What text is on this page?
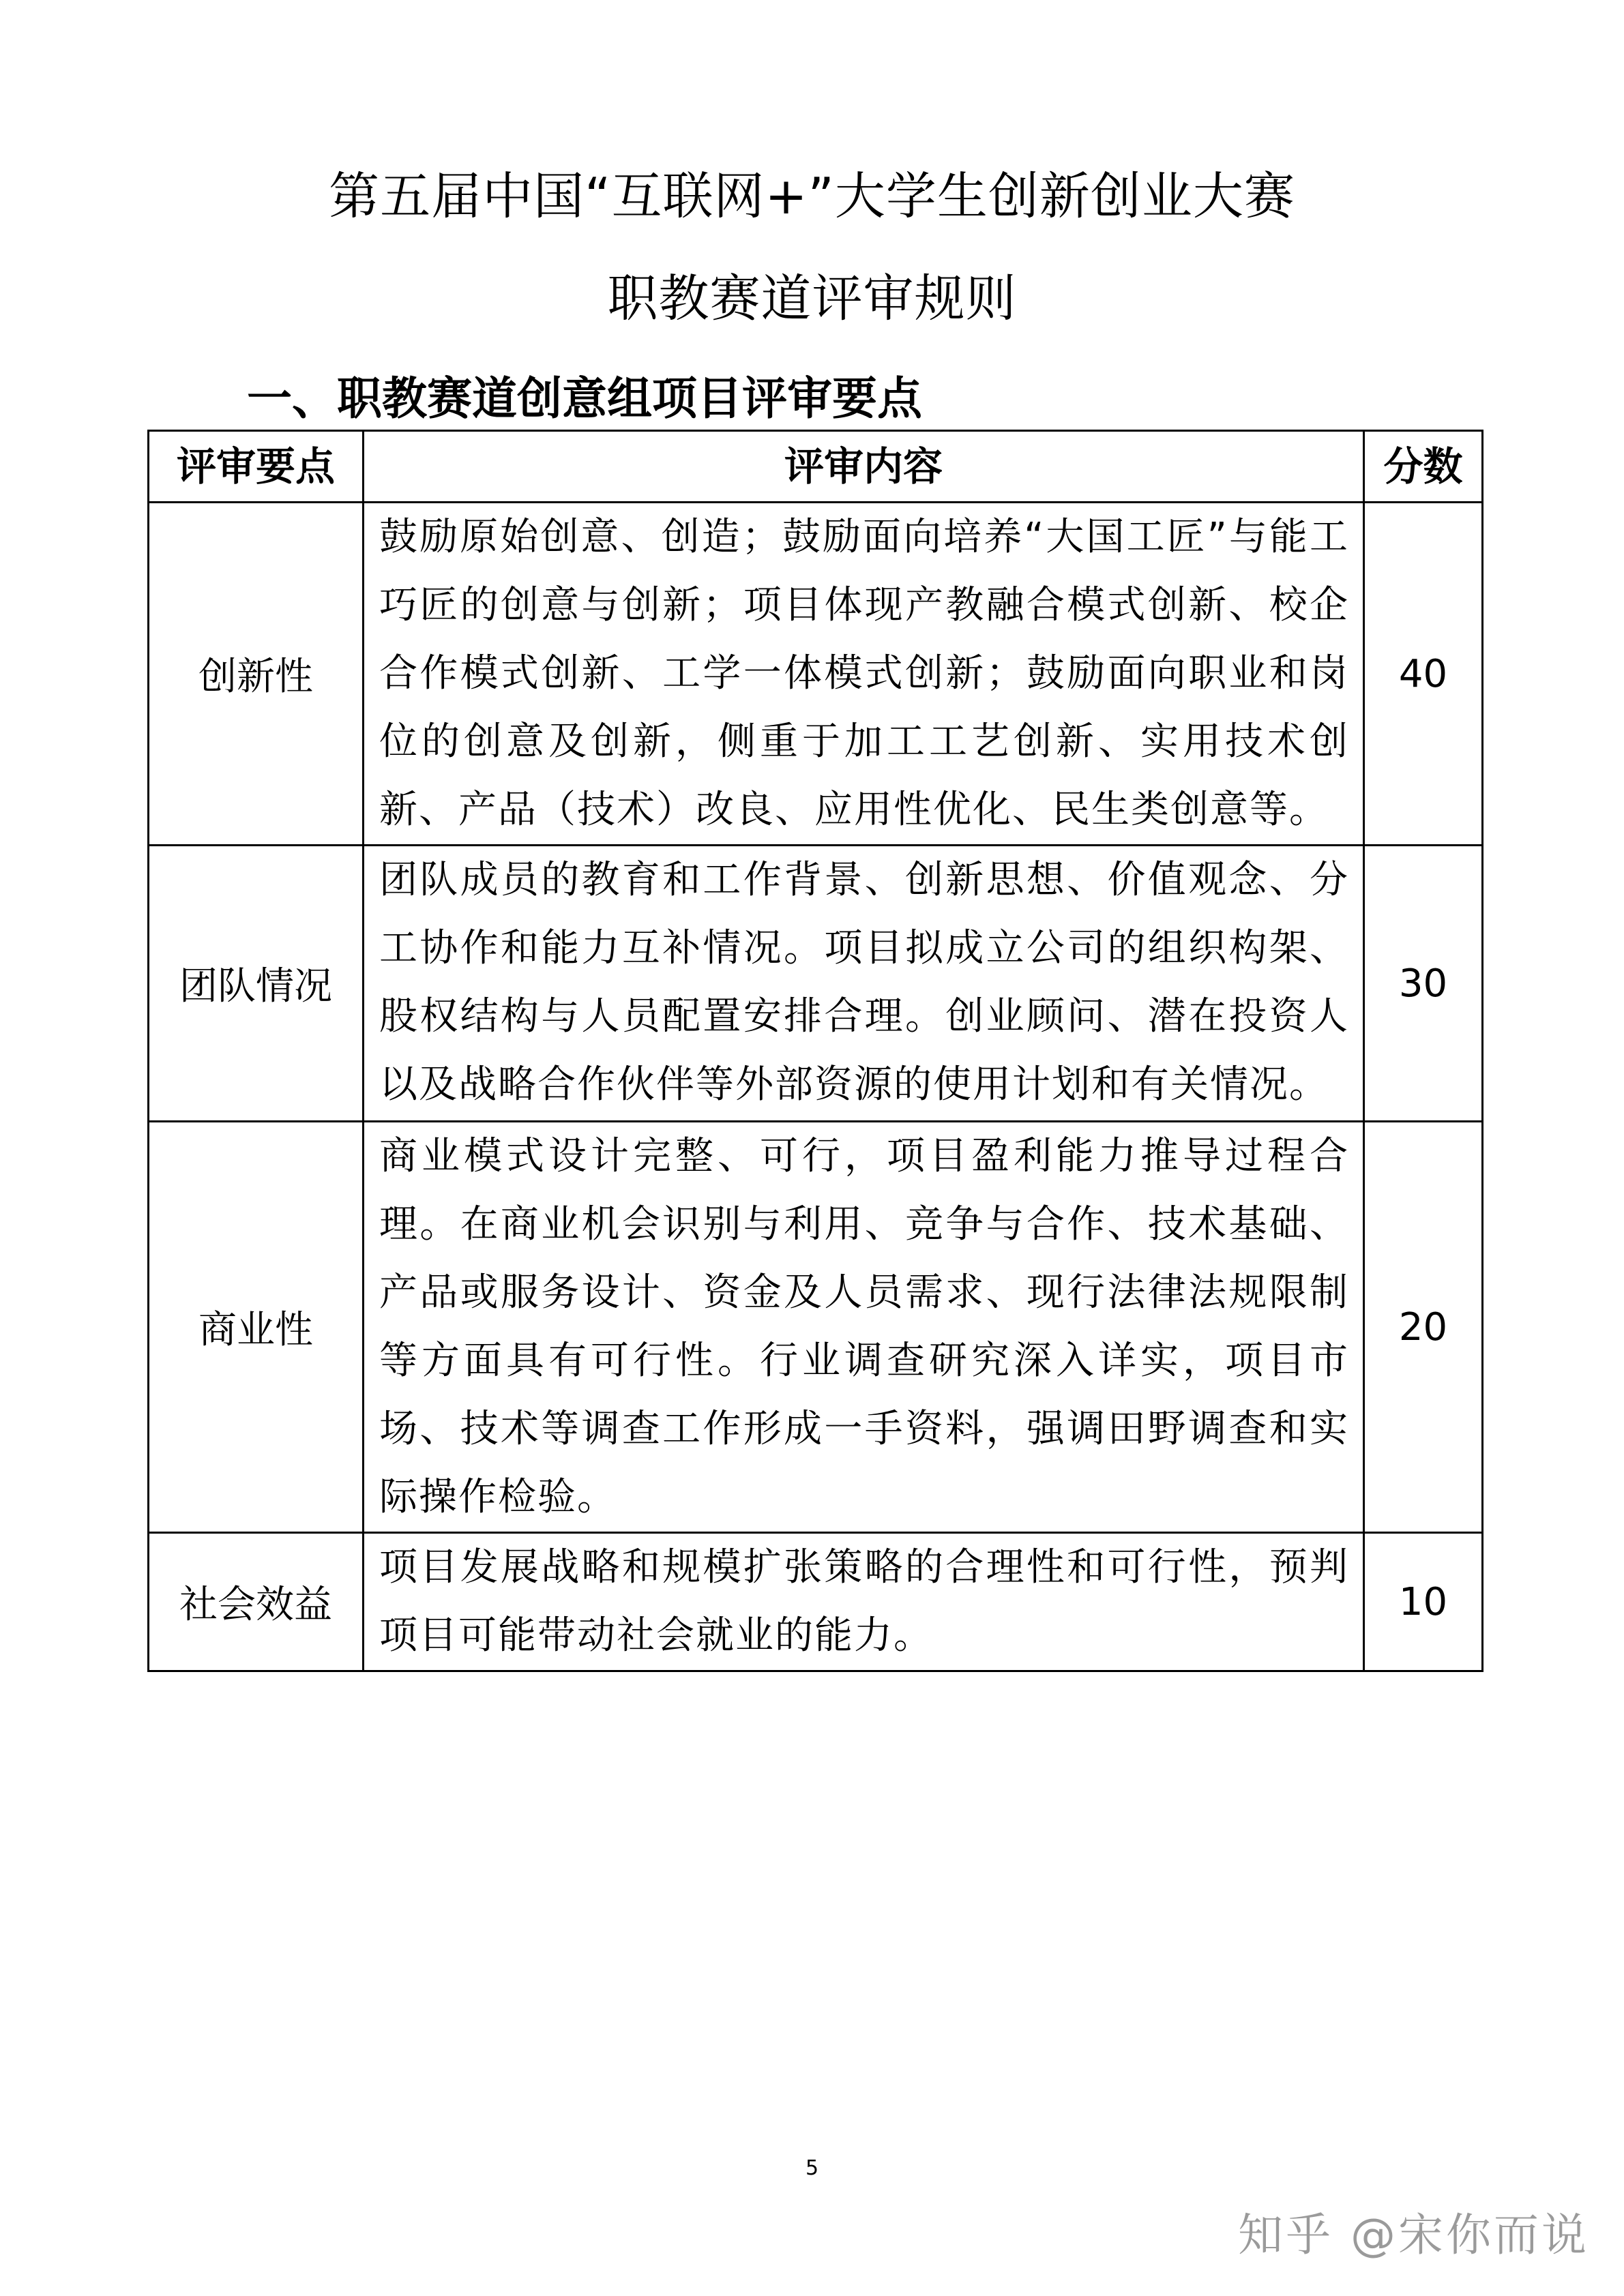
第五届中国“互联网+”大学生创新创业大赛
职教赛道评审规则
一、职教赛道创意组项目评审要点
评审要点	评审内容	分数
创新性	鼓励原始创意、创造；鼓励面向培养“大国工匠”与能工巧匠的创意与创新；项目体现产教融合模式创新、校企合作模式创新、工学一体模式创新；鼓励面向职业和岗位的创意及创新，侧重于加工工艺创新、实用技术创新、产品（技术）改良、应用性优化、民生类创意等。	40
团队情况	团队成员的教育和工作背景、创新思想、价值观念、分工协作和能力互补情况。项目拟成立公司的组织构架、股权结构与人员配置安排合理。创业顾问、潜在投资人以及战略合作伙伴等外部资源的使用计划和有关情况。	30
商业性	商业模式设计完整、可行，项目盈利能力推导过程合理。在商业机会识别与利用、竞争与合作、技术基础、产品或服务设计、资金及人员需求、现行法律法规限制等方面具有可行性。行业调查研究深入详实，项目市场、技术等调查工作形成一手资料，强调田野调查和实际操作检验。	20
社会效益	项目发展战略和规模扩张策略的合理性和可行性，预判项目可能带动社会就业的能力。	10
5
知乎 @宋你而说
